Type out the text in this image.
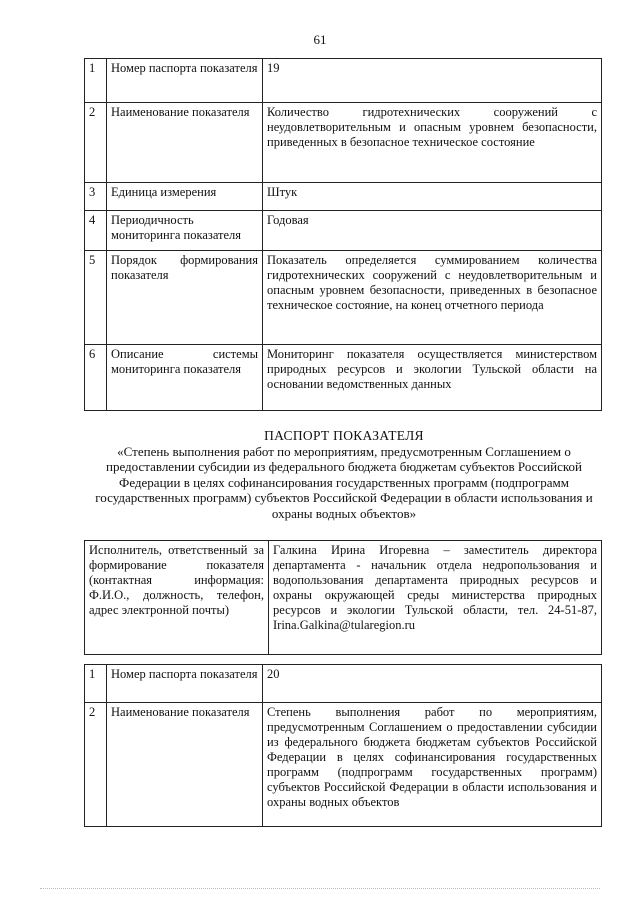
61
1	Номер паспорта показателя	19
2	Наименование показателя	Количество гидротехнических сооружений с неудовлетворительным и опасным уровнем безопасности, приведенных в безопасное техническое состояние
3	Единица измерения	Штук
4	Периодичность мониторинга показателя	Годовая
5	Порядок формирования показателя	Показатель определяется суммированием количества гидротехнических сооружений с неудовлетворительным и опасным уровнем безопасности, приведенных в безопасное техническое состояние, на конец отчетного периода
6	Описание системы мониторинга показателя	Мониторинг показателя осуществляется министерством природных ресурсов и экологии Тульской области на основании ведомственных данных
ПАСПОРТ ПОКАЗАТЕЛЯ
«Степень выполнения работ по мероприятиям, предусмотренным Соглашением о предоставлении субсидии из федерального бюджета бюджетам субъектов Российской Федерации в целях софинансирования государственных программ (подпрограмм государственных программ) субъектов Российской Федерации в области использования и охраны водных объектов»
Исполнитель, ответственный за формирование показателя (контактная информация: Ф.И.О., должность, телефон, адрес электронной почты)	Галкина Ирина Игоревна – заместитель директора департамента - начальник отдела недропользования и водопользования департамента природных ресурсов и охраны окружающей среды министерства природных ресурсов и экологии Тульской области, тел. 24-51-87, Irina.Galkina@tularegion.ru
1	Номер паспорта показателя	20
2	Наименование показателя	Степень выполнения работ по мероприятиям, предусмотренным Соглашением о предоставлении субсидии из федерального бюджета бюджетам субъектов Российской Федерации в целях софинансирования государственных программ (подпрограмм государственных программ) субъектов Российской Федерации в области использования и охраны водных объектов
